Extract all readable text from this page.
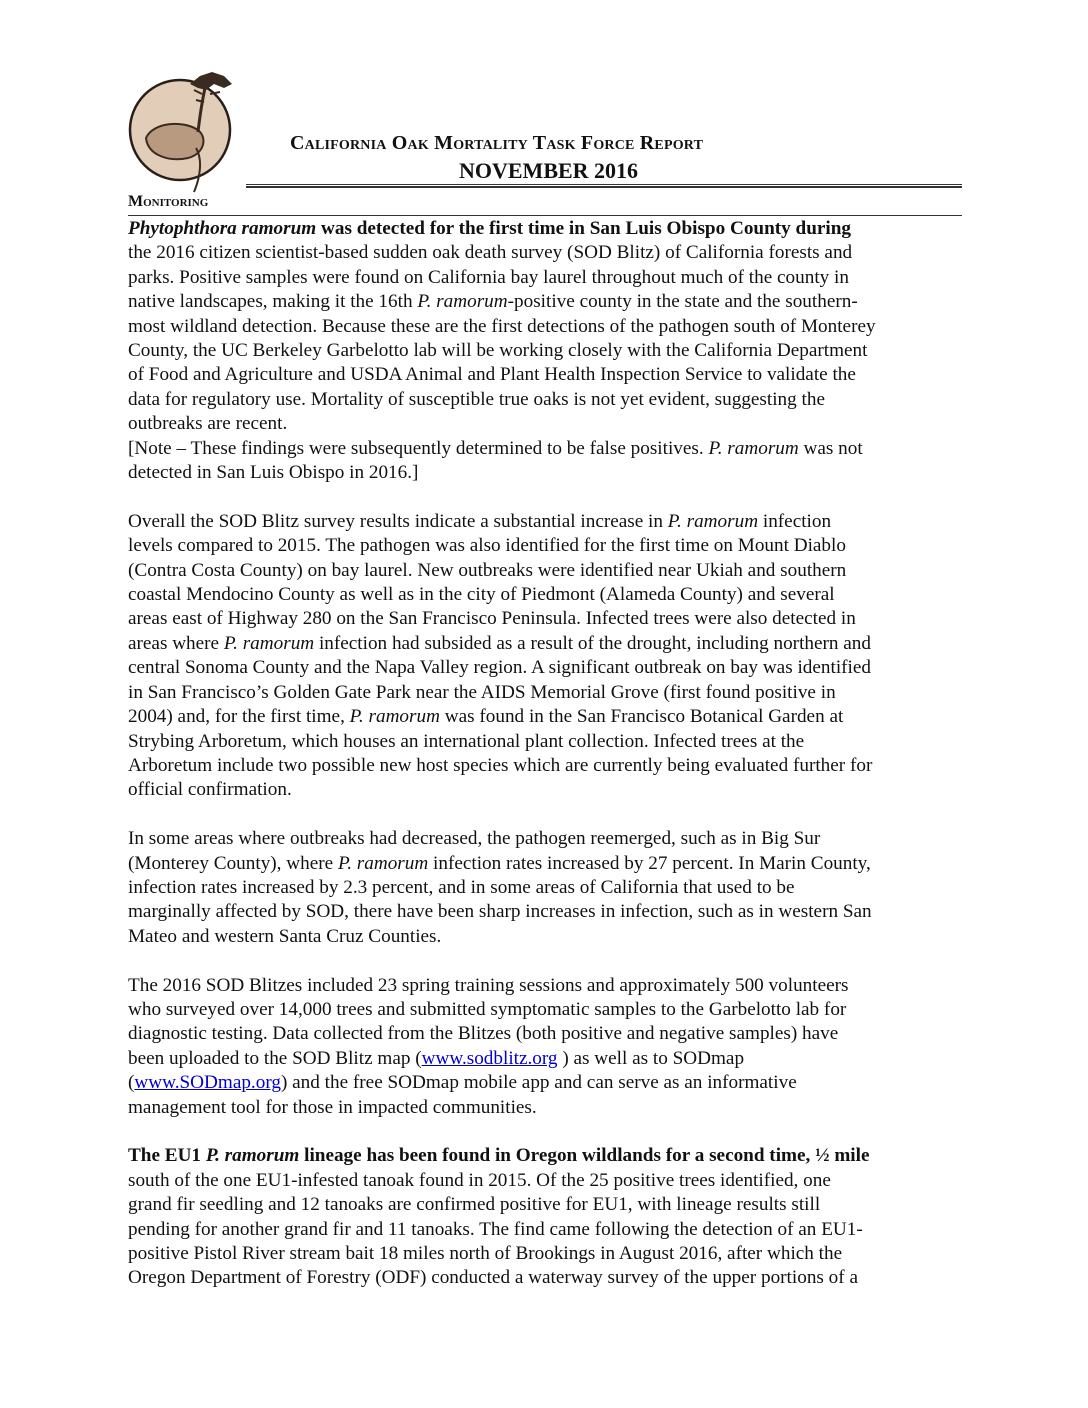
California Oak Mortality Task Force Report
NOVEMBER 2016
Monitoring

Phytophthora ramorum was detected for the first time in San Luis Obispo County during
the 2016 citizen scientist-based sudden oak death survey (SOD Blitz) of California forests and
parks. Positive samples were found on California bay laurel throughout much of the county in
native landscapes, making it the 16th P. ramorum-positive county in the state and the southern-
most wildland detection. Because these are the first detections of the pathogen south of Monterey
County, the UC Berkeley Garbelotto lab will be working closely with the California Department
of Food and Agriculture and USDA Animal and Plant Health Inspection Service to validate the
data for regulatory use. Mortality of susceptible true oaks is not yet evident, suggesting the
outbreaks are recent.

[Note – These findings were subsequently determined to be false positives. P. ramorum was not
detected in San Luis Obispo in 2016.]

Overall the SOD Blitz survey results indicate a substantial increase in P. ramorum infection
levels compared to 2015. The pathogen was also identified for the first time on Mount Diablo
(Contra Costa County) on bay laurel. New outbreaks were identified near Ukiah and southern
coastal Mendocino County as well as in the city of Piedmont (Alameda County) and several
areas east of Highway 280 on the San Francisco Peninsula. Infected trees were also detected in
areas where P. ramorum infection had subsided as a result of the drought, including northern and
central Sonoma County and the Napa Valley region. A significant outbreak on bay was identified
in San Francisco’s Golden Gate Park near the AIDS Memorial Grove (first found positive in
2004) and, for the first time, P. ramorum was found in the San Francisco Botanical Garden at
Strybing Arboretum, which houses an international plant collection. Infected trees at the
Arboretum include two possible new host species which are currently being evaluated further for
official confirmation.

In some areas where outbreaks had decreased, the pathogen reemerged, such as in Big Sur
(Monterey County), where P. ramorum infection rates increased by 27 percent. In Marin County,
infection rates increased by 2.3 percent, and in some areas of California that used to be
marginally affected by SOD, there have been sharp increases in infection, such as in western San
Mateo and western Santa Cruz Counties.

The 2016 SOD Blitzes included 23 spring training sessions and approximately 500 volunteers
who surveyed over 14,000 trees and submitted symptomatic samples to the Garbelotto lab for
diagnostic testing. Data collected from the Blitzes (both positive and negative samples) have
been uploaded to the SOD Blitz map (www.sodblitz.org ) as well as to SODmap
(www.SODmap.org) and the free SODmap mobile app and can serve as an informative
management tool for those in impacted communities.

The EU1 P. ramorum lineage has been found in Oregon wildlands for a second time, ½ mile
south of the one EU1-infested tanoak found in 2015. Of the 25 positive trees identified, one
grand fir seedling and 12 tanoaks are confirmed positive for EU1, with lineage results still
pending for another grand fir and 11 tanoaks. The find came following the detection of an EU1-
positive Pistol River stream bait 18 miles north of Brookings in August 2016, after which the
Oregon Department of Forestry (ODF) conducted a waterway survey of the upper portions of a
